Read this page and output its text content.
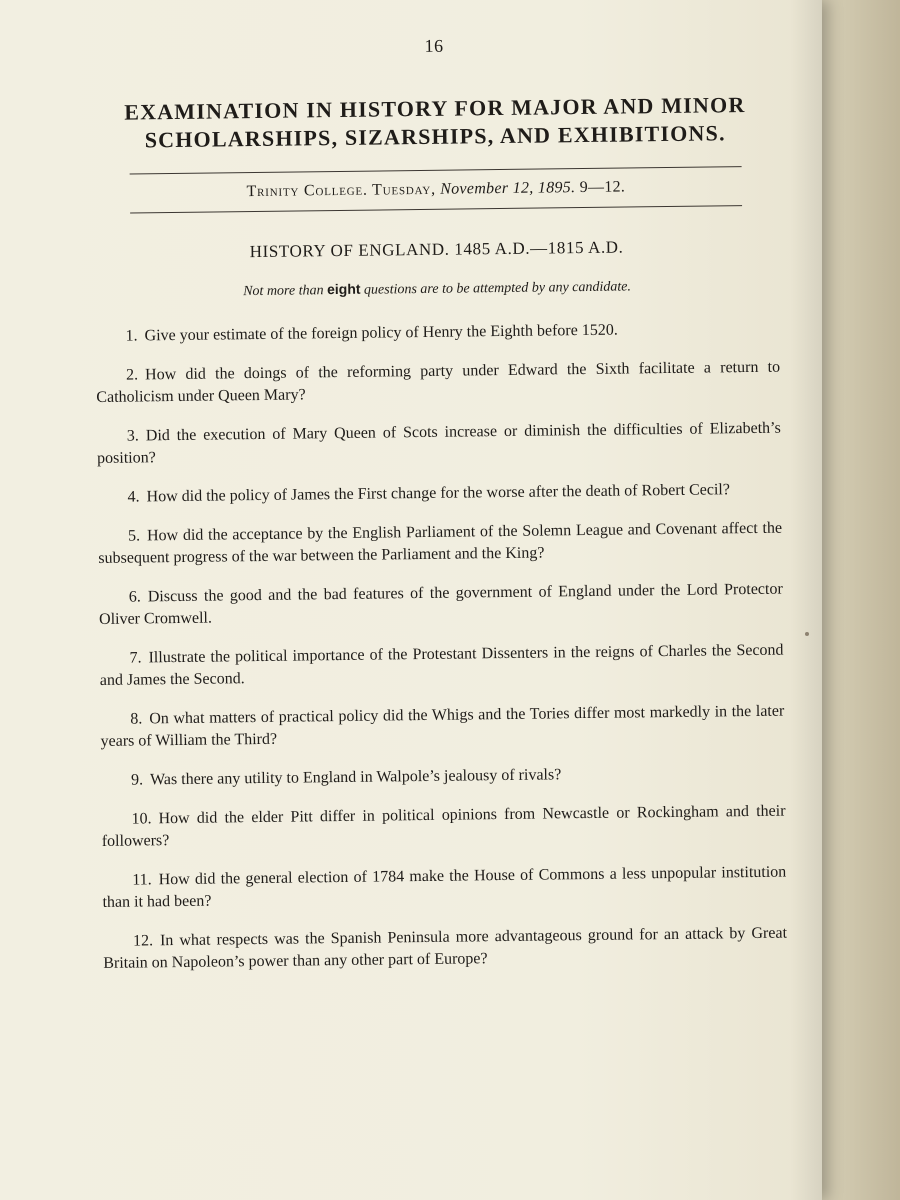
16
EXAMINATION IN HISTORY FOR MAJOR AND MINOR
SCHOLARSHIPS, SIZARSHIPS, AND EXHIBITIONS.
Trinity College. Tuesday, November 12, 1895. 9—12.
HISTORY OF ENGLAND. 1485 A.D.—1815 A.D.
Not more than eight questions are to be attempted by any candidate.
1. Give your estimate of the foreign policy of Henry the Eighth before 1520.
2. How did the doings of the reforming party under Edward the Sixth facilitate a return to Catholicism under Queen Mary?
3. Did the execution of Mary Queen of Scots increase or diminish the difficulties of Elizabeth’s position?
4. How did the policy of James the First change for the worse after the death of Robert Cecil?
5. How did the acceptance by the English Parliament of the Solemn League and Covenant affect the subsequent progress of the war between the Parliament and the King?
6. Discuss the good and the bad features of the government of England under the Lord Protector Oliver Cromwell.
7. Illustrate the political importance of the Protestant Dissenters in the reigns of Charles the Second and James the Second.
8. On what matters of practical policy did the Whigs and the Tories differ most markedly in the later years of William the Third?
9. Was there any utility to England in Walpole’s jealousy of rivals?
10. How did the elder Pitt differ in political opinions from Newcastle or Rockingham and their followers?
11. How did the general election of 1784 make the House of Commons a less unpopular institution than it had been?
12. In what respects was the Spanish Peninsula more advantageous ground for an attack by Great Britain on Napoleon’s power than any other part of Europe?
